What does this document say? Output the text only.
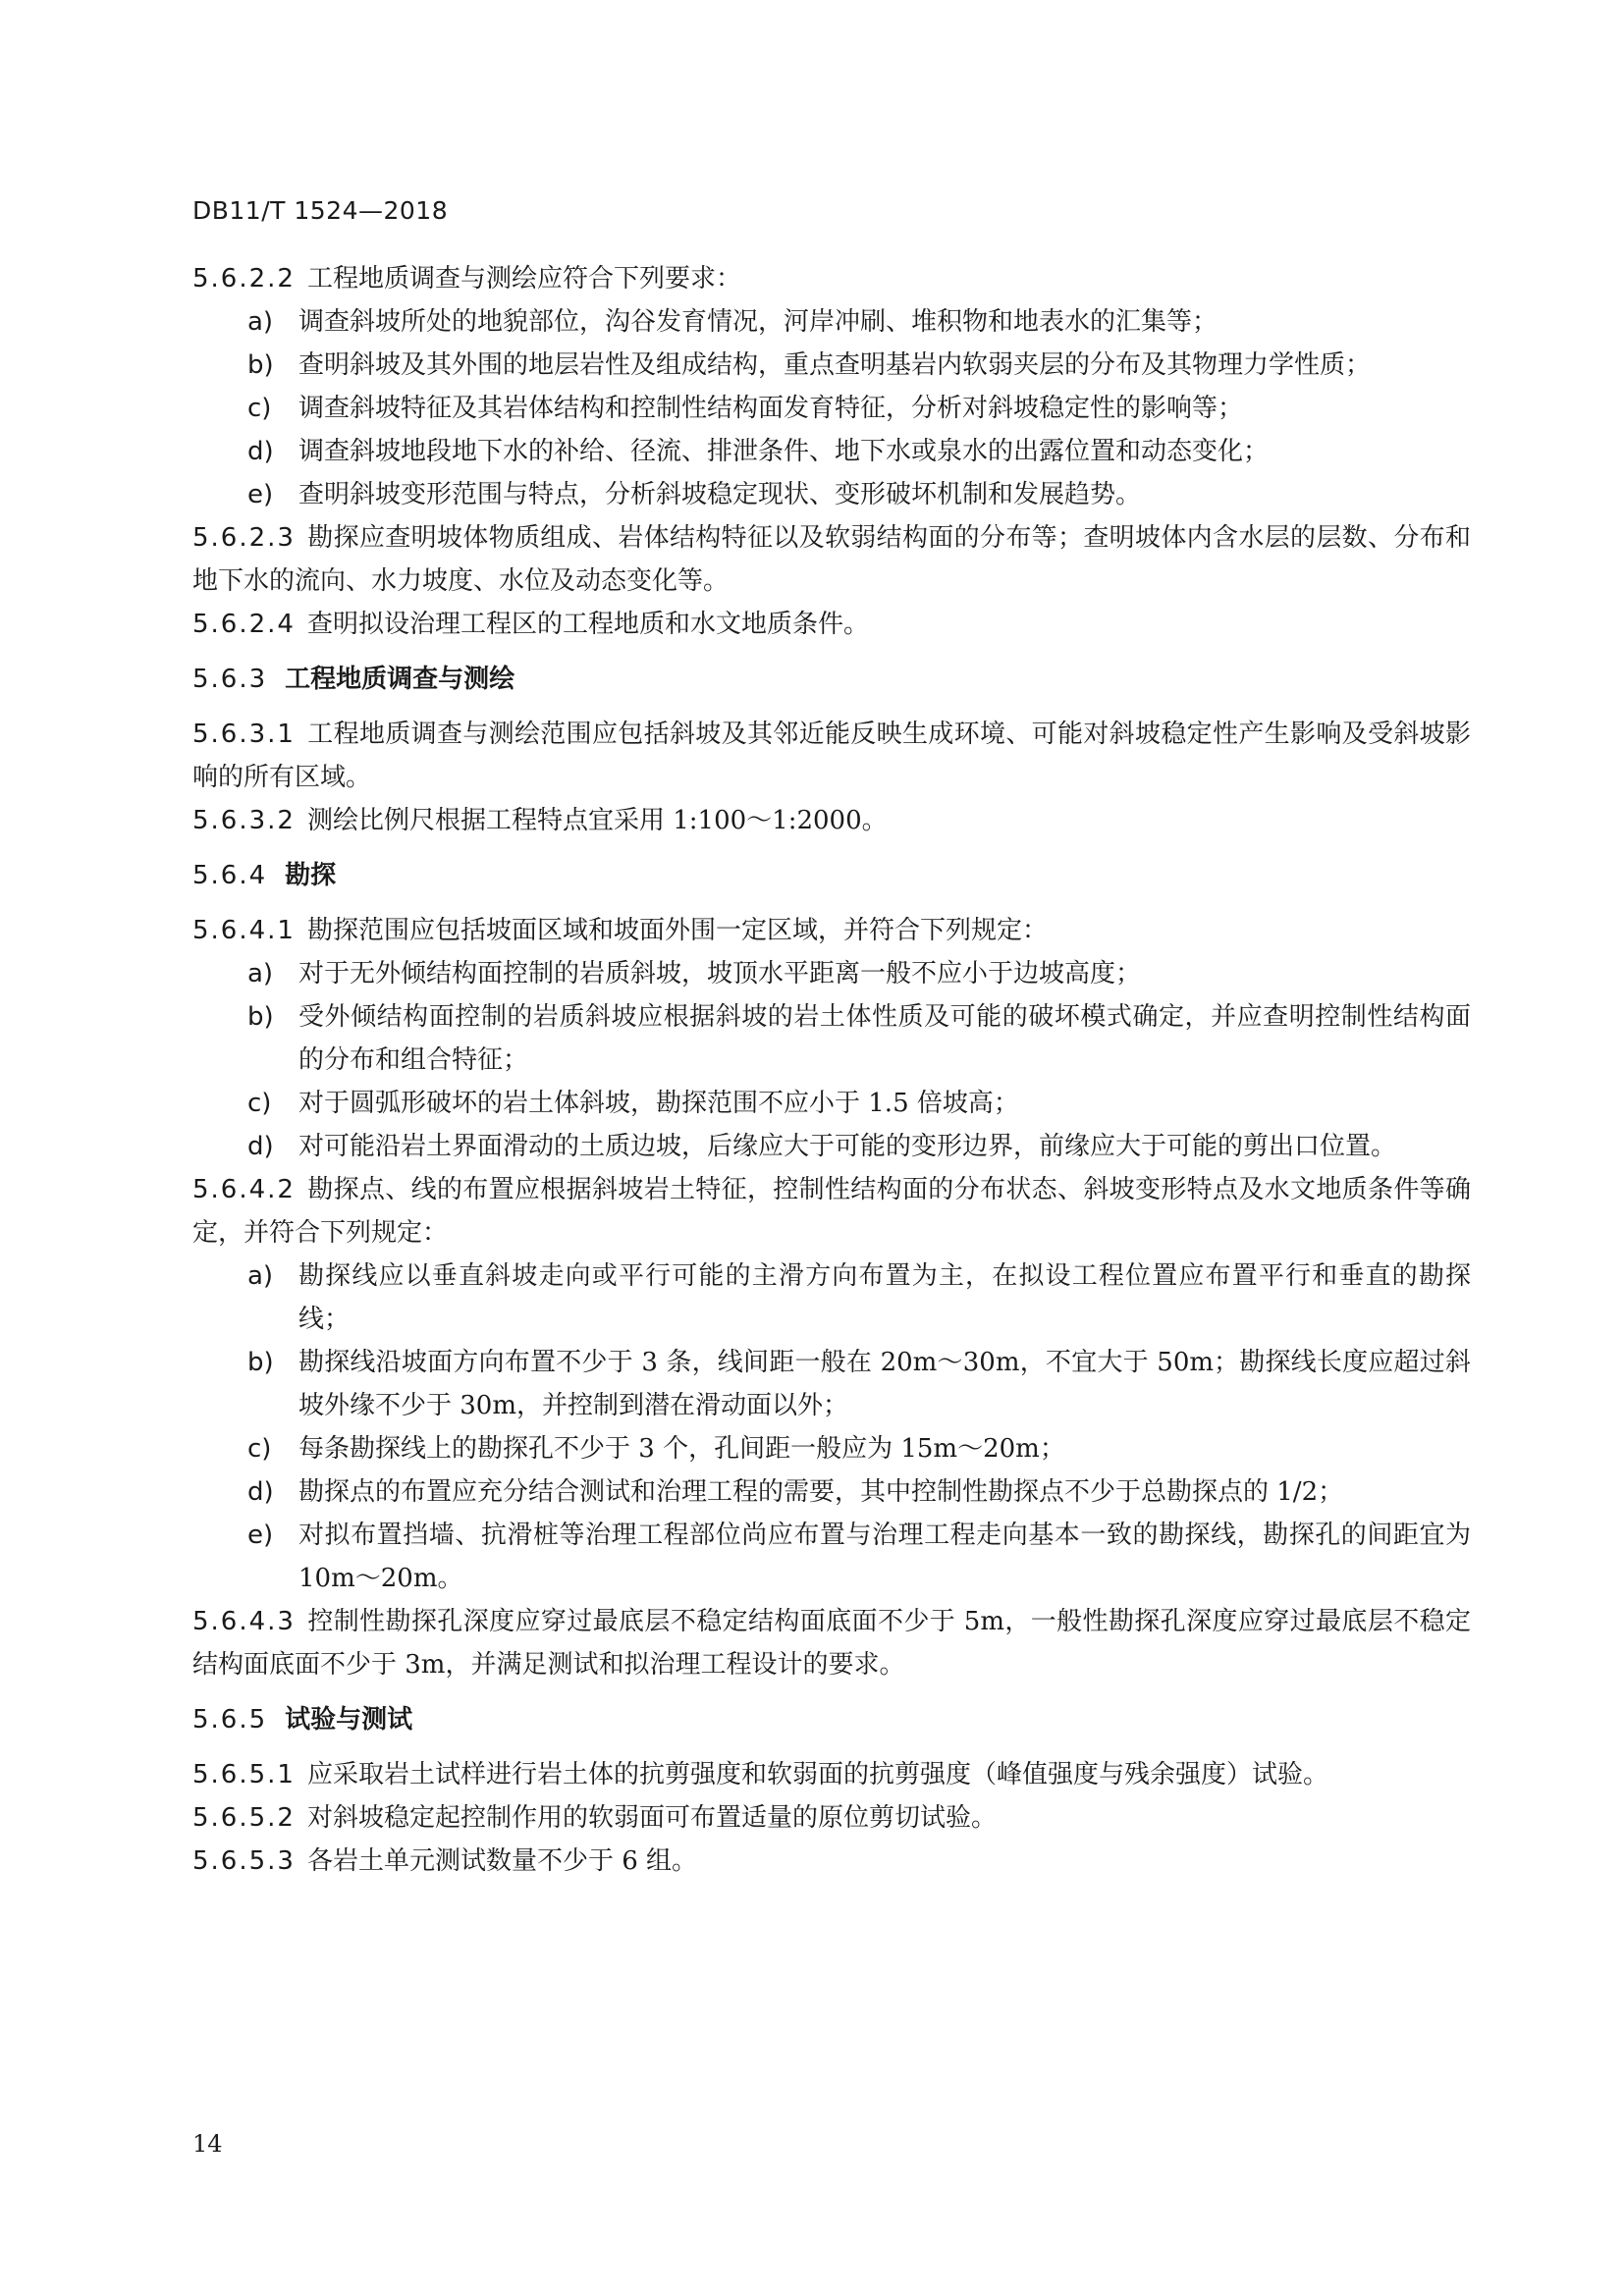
DB11/T 1524—2018

5.6.2.2 工程地质调查与测绘应符合下列要求：

a) 调查斜坡所处的地貌部位，沟谷发育情况，河岸冲刷、堆积物和地表水的汇集等；
b) 查明斜坡及其外围的地层岩性及组成结构，重点查明基岩内软弱夹层的分布及其物理力学性质；
c)	调查斜坡特征及其岩体结构和控制性结构面发育特征，分析对斜坡稳定性的影响等；
d) 调查斜坡地段地下水的补给、径流、排泄条件、地下水或泉水的出露位置和动态变化；
e) 查明斜坡变形范围与特点，分析斜坡稳定现状、变形破坏机制和发展趋势。

5.6.2.3 勘探应查明坡体物质组成、岩体结构特征以及软弱结构面的分布等；查明坡体内含水层的层数、分布和地下水的流向、水力坡度、水位及动态变化等。

5.6.2.4 查明拟设治理工程区的工程地质和水文地质条件。

5.6.3 工程地质调查与测绘

5.6.3.1 工程地质调查与测绘范围应包括斜坡及其邻近能反映生成环境、可能对斜坡稳定性产生影响及受斜坡影响的所有区域。

5.6.3.2 测绘比例尺根据工程特点宜采用 1:100～1:2000。

5.6.4 勘探

5.6.4.1 勘探范围应包括坡面区域和坡面外围一定区域，并符合下列规定：

a) 对于无外倾结构面控制的岩质斜坡，坡顶水平距离一般不应小于边坡高度；
b) 受外倾结构面控制的岩质斜坡应根据斜坡的岩土体性质及可能的破坏模式确定，并应查明控制性结构面的分布和组合特征；
c)	对于圆弧形破坏的岩土体斜坡，勘探范围不应小于 1.5 倍坡高；
d) 对可能沿岩土界面滑动的土质边坡，后缘应大于可能的变形边界，前缘应大于可能的剪出口位置。

5.6.4.2 勘探点、线的布置应根据斜坡岩土特征，控制性结构面的分布状态、斜坡变形特点及水文地质条件等确定，并符合下列规定：

a) 勘探线应以垂直斜坡走向或平行可能的主滑方向布置为主，在拟设工程位置应布置平行和垂直的勘探线；
b) 勘探线沿坡面方向布置不少于 3 条，线间距一般在 20m～30m，不宜大于 50m；勘探线长度应超过斜坡外缘不少于 30m，并控制到潜在滑动面以外；
c)	每条勘探线上的勘探孔不少于 3 个，孔间距一般应为 15m～20m；
d) 勘探点的布置应充分结合测试和治理工程的需要，其中控制性勘探点不少于总勘探点的 1/2；
e) 对拟布置挡墙、抗滑桩等治理工程部位尚应布置与治理工程走向基本一致的勘探线，勘探孔的间距宜为 10m～20m。

5.6.4.3 控制性勘探孔深度应穿过最底层不稳定结构面底面不少于 5m，一般性勘探孔深度应穿过最底层不稳定结构面底面不少于 3m，并满足测试和拟治理工程设计的要求。

5.6.5 试验与测试

5.6.5.1 应采取岩土试样进行岩土体的抗剪强度和软弱面的抗剪强度（峰值强度与残余强度）试验。

5.6.5.2 对斜坡稳定起控制作用的软弱面可布置适量的原位剪切试验。

5.6.5.3 各岩土单元测试数量不少于 6 组。

14
